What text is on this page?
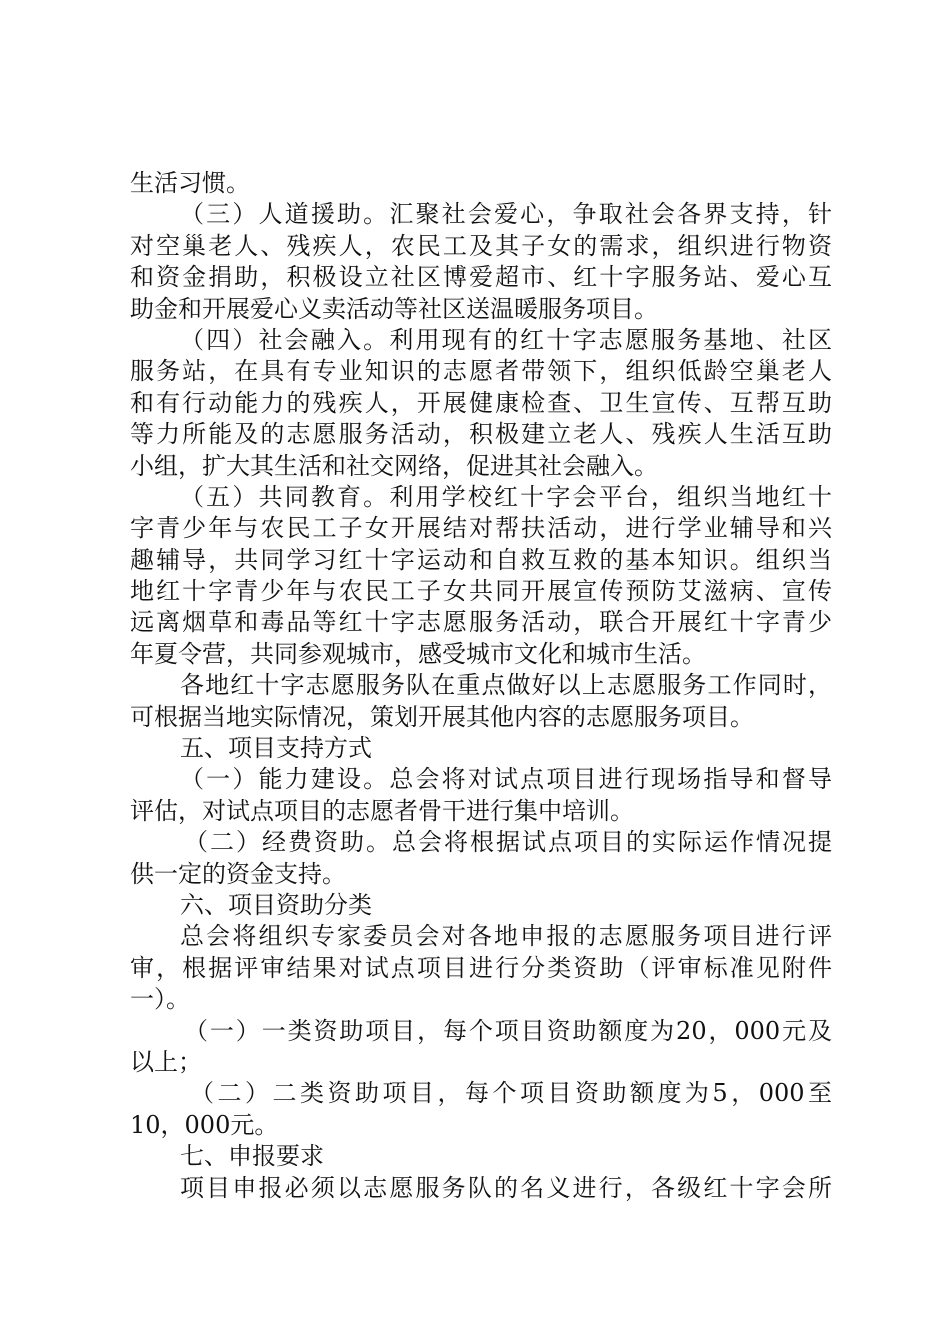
生活习惯。
（三）人道援助。汇聚社会爱心，争取社会各界支持，针
对空巢老人、残疾人，农民工及其子女的需求，组织进行物资
和资金捐助，积极设立社区博爱超市、红十字服务站、爱心互
助金和开展爱心义卖活动等社区送温暖服务项目。
（四）社会融入。利用现有的红十字志愿服务基地、社区
服务站，在具有专业知识的志愿者带领下，组织低龄空巢老人
和有行动能力的残疾人，开展健康检查、卫生宣传、互帮互助
等力所能及的志愿服务活动，积极建立老人、残疾人生活互助
小组，扩大其生活和社交网络，促进其社会融入。
（五）共同教育。利用学校红十字会平台，组织当地红十
字青少年与农民工子女开展结对帮扶活动，进行学业辅导和兴
趣辅导，共同学习红十字运动和自救互救的基本知识。组织当
地红十字青少年与农民工子女共同开展宣传预防艾滋病、宣传
远离烟草和毒品等红十字志愿服务活动，联合开展红十字青少
年夏令营，共同参观城市，感受城市文化和城市生活。
各地红十字志愿服务队在重点做好以上志愿服务工作同时，
可根据当地实际情况，策划开展其他内容的志愿服务项目。
五、项目支持方式
（一）能力建设。总会将对试点项目进行现场指导和督导
评估，对试点项目的志愿者骨干进行集中培训。
（二）经费资助。总会将根据试点项目的实际运作情况提
供一定的资金支持。
六、项目资助分类
总会将组织专家委员会对各地申报的志愿服务项目进行评
审，根据评审结果对试点项目进行分类资助（评审标准见附件
一）。
（一）一类资助项目，每个项目资助额度为20，000元及
以上；
（二）二类资助项目，每个项目资助额度为5，000至
10，000元。
七、申报要求
项目申报必须以志愿服务队的名义进行，各级红十字会所
